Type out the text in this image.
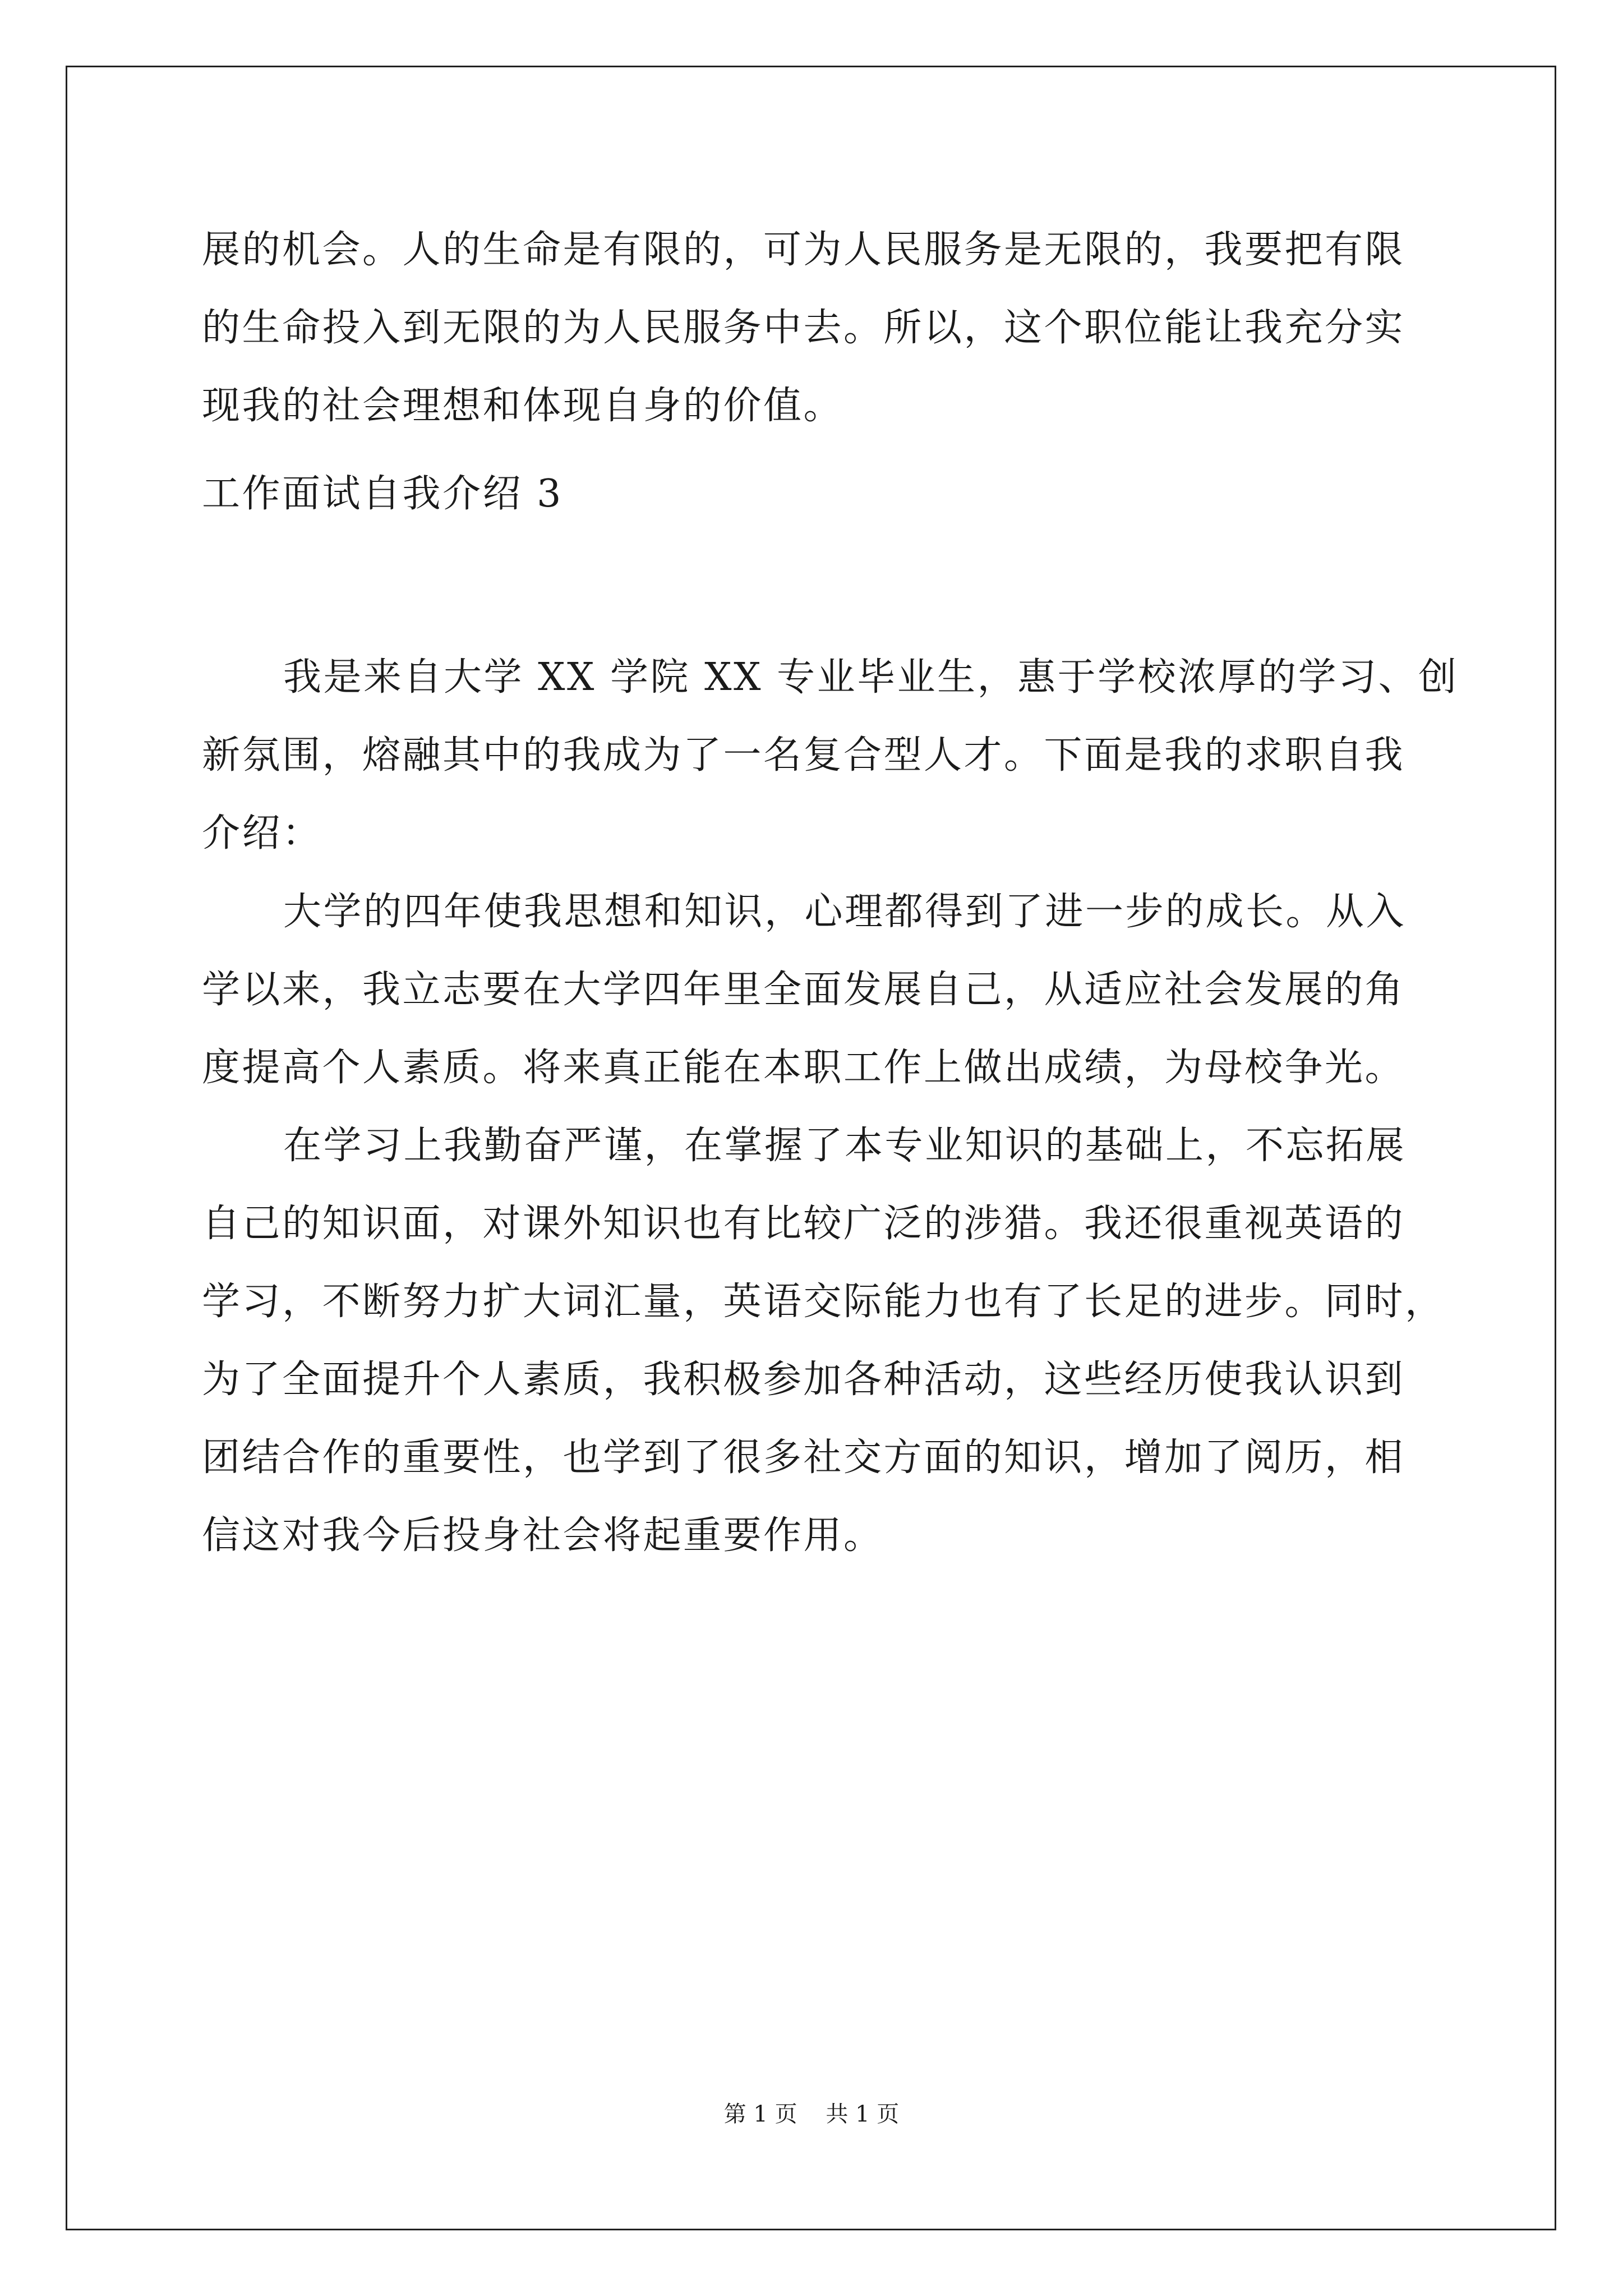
展的机会。人的生命是有限的，可为人民服务是无限的，我要把有限
的生命投入到无限的为人民服务中去。所以，这个职位能让我充分实
现我的社会理想和体现自身的价值。
工作面试自我介绍 3
我是来自大学 XX 学院 XX 专业毕业生，惠于学校浓厚的学习、创
新氛围，熔融其中的我成为了一名复合型人才。下面是我的求职自我
介绍：
大学的四年使我思想和知识，心理都得到了进一步的成长。从入
学以来，我立志要在大学四年里全面发展自己，从适应社会发展的角
度提高个人素质。将来真正能在本职工作上做出成绩，为母校争光。
在学习上我勤奋严谨，在掌握了本专业知识的基础上，不忘拓展
自己的知识面，对课外知识也有比较广泛的涉猎。我还很重视英语的
学习，不断努力扩大词汇量，英语交际能力也有了长足的进步。同时，
为了全面提升个人素质，我积极参加各种活动，这些经历使我认识到
团结合作的重要性，也学到了很多社交方面的知识，增加了阅历，相
信这对我今后投身社会将起重要作用。
第 1 页    共 1 页
